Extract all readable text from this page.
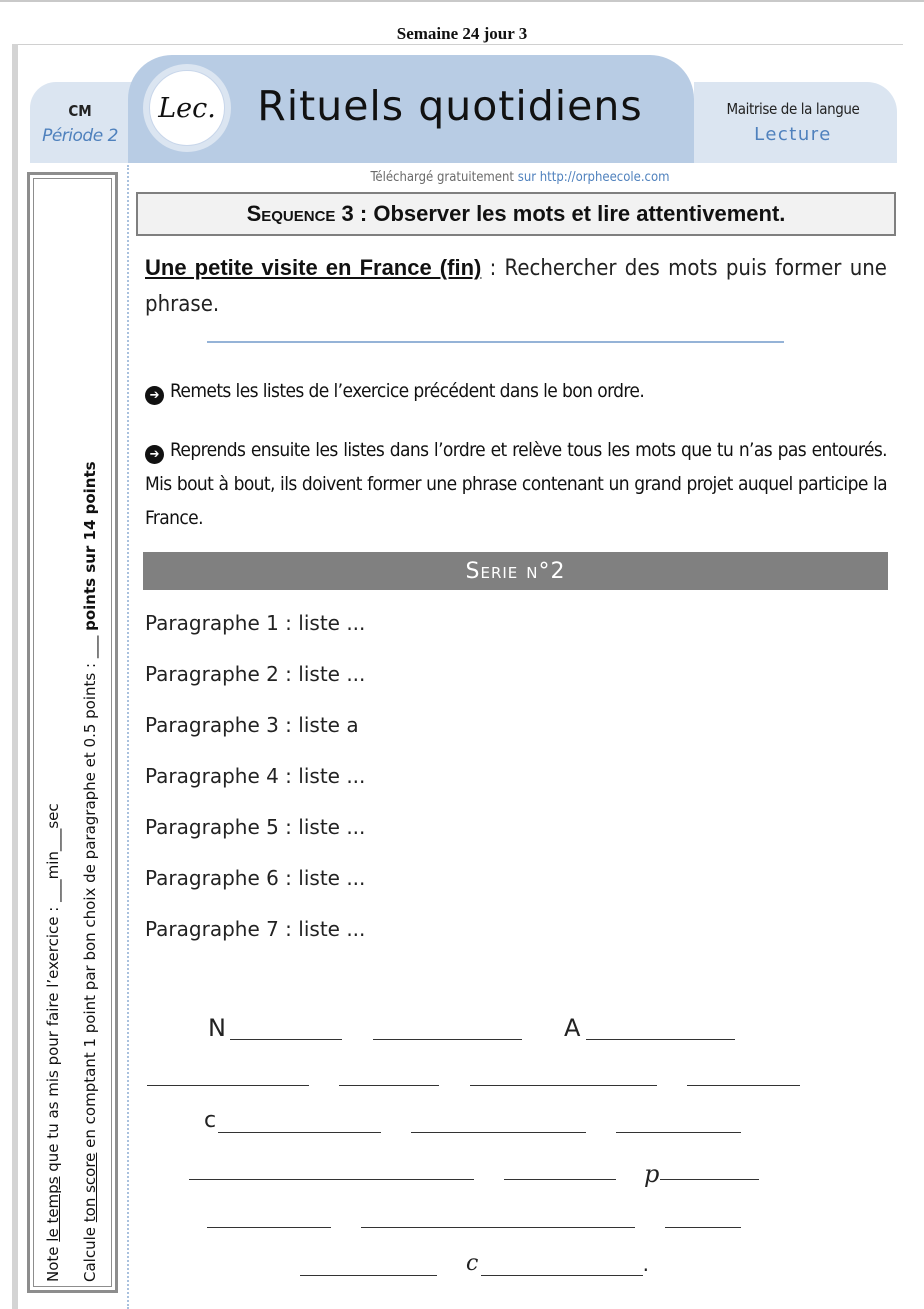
Semaine 24 jour 3
CM
Période 2
Lec.	Rituels quotidiens	Maitrise de la langue
Lecture
Note le temps que tu as mis pour faire l’exercice : ___min___sec
Calcule ton score en comptant 1 point par bon choix de paragraphe et 0.5 points : ___ points sur 14 points
Téléchargé gratuitement sur http://orpheecole.com
Sequence 3 : Observer les mots et lire attentivement.
Une petite visite en France (fin) : Rechercher des mots puis former une phrase.
➔ Remets les listes de l’exercice précédent dans le bon ordre.
➔ Reprends ensuite les listes dans l’ordre et relève tous les mots que tu n’as pas entourés. Mis bout à bout, ils doivent former une phrase contenant un grand projet auquel participe la France.
Serie n°2
Paragraphe 1 : liste ...
Paragraphe 2 : liste ...
Paragraphe 3 : liste a
Paragraphe 4 : liste ...
Paragraphe 5 : liste ...
Paragraphe 6 : liste ...
Paragraphe 7 : liste ...
N	A
c
p
c	.
